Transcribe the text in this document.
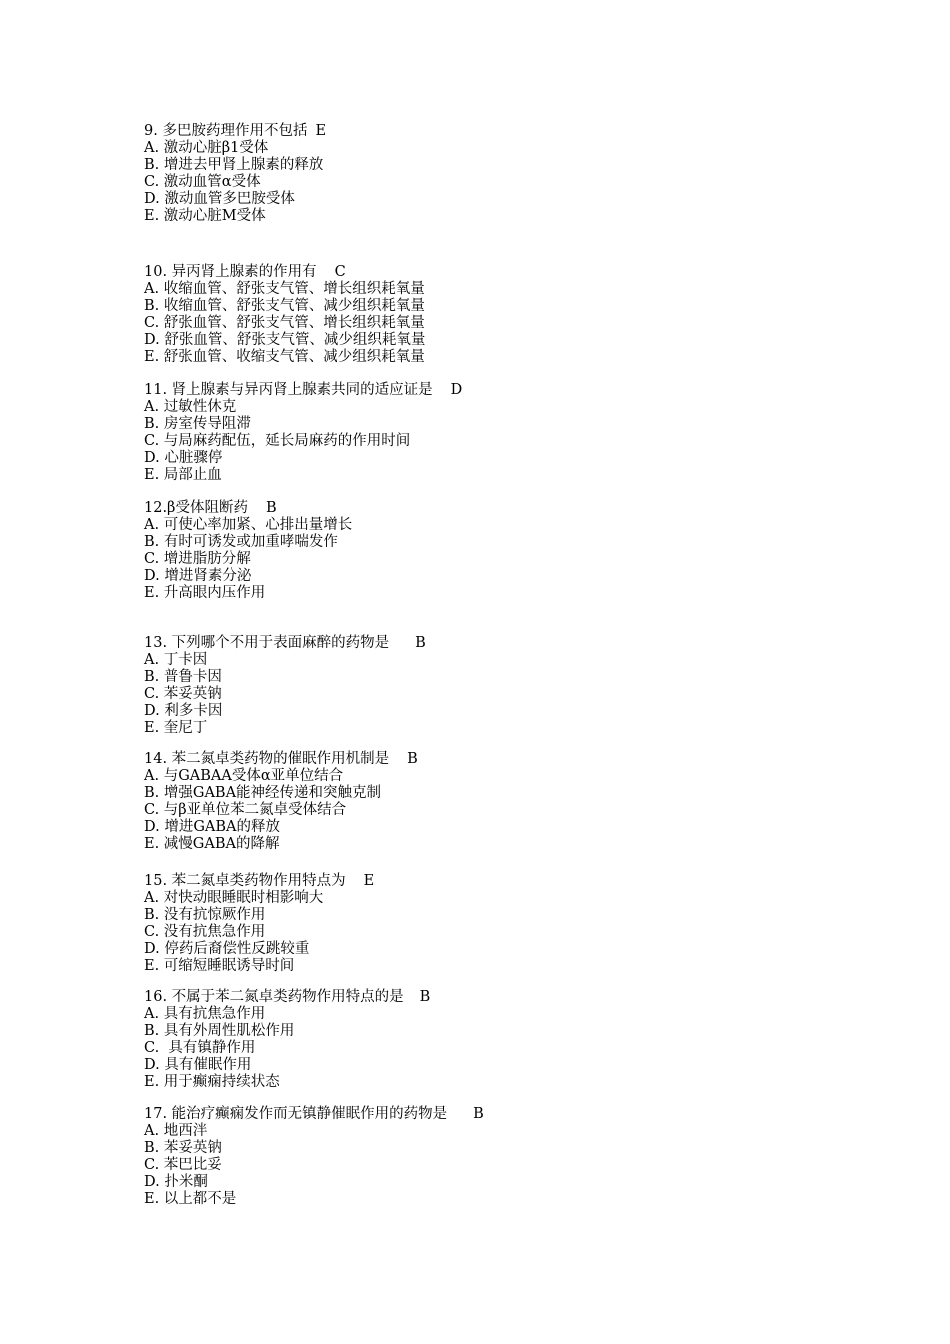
9. 多巴胺药理作用不包括 E
A. 激动心脏β1受体
B. 增进去甲肾上腺素的释放
C. 激动血管α受体
D. 激动血管多巴胺受体
E. 激动心脏M受体
10. 异丙肾上腺素的作用有 C
A. 收缩血管、舒张支气管、增长组织耗氧量
B. 收缩血管、舒张支气管、减少组织耗氧量
C. 舒张血管、舒张支气管、增长组织耗氧量
D. 舒张血管、舒张支气管、减少组织耗氧量
E. 舒张血管、收缩支气管、减少组织耗氧量
11. 肾上腺素与异丙肾上腺素共同的适应证是 D
A. 过敏性休克
B. 房室传导阻滞
C. 与局麻药配伍，延长局麻药的作用时间
D. 心脏骤停
E. 局部止血
12.β受体阻断药 B
A. 可使心率加紧、心排出量增长
B. 有时可诱发或加重哮喘发作
C. 增进脂肪分解
D. 增进肾素分泌
E. 升高眼内压作用
13. 下列哪个不用于表面麻醉的药物是 B
A. 丁卡因
B. 普鲁卡因
C. 苯妥英钠
D. 利多卡因
E. 奎尼丁
14. 苯二氮卓类药物的催眠作用机制是 B
A. 与GABAA受体α亚单位结合
B. 增强GABA能神经传递和突触克制
C. 与β亚单位苯二氮卓受体结合
D. 增进GABA的释放
E. 减慢GABA的降解
15. 苯二氮卓类药物作用特点为 E
A. 对快动眼睡眠时相影响大
B. 没有抗惊厥作用
C. 没有抗焦急作用
D. 停药后裔偿性反跳较重
E. 可缩短睡眠诱导时间
16. 不属于苯二氮卓类药物作用特点的是 B
A. 具有抗焦急作用
B. 具有外周性肌松作用
C.  具有镇静作用
D. 具有催眠作用
E. 用于癫痫持续状态
17. 能治疗癫痫发作而无镇静催眠作用的药物是 B
A. 地西泮
B. 苯妥英钠
C. 苯巴比妥
D. 扑米酮
E. 以上都不是
